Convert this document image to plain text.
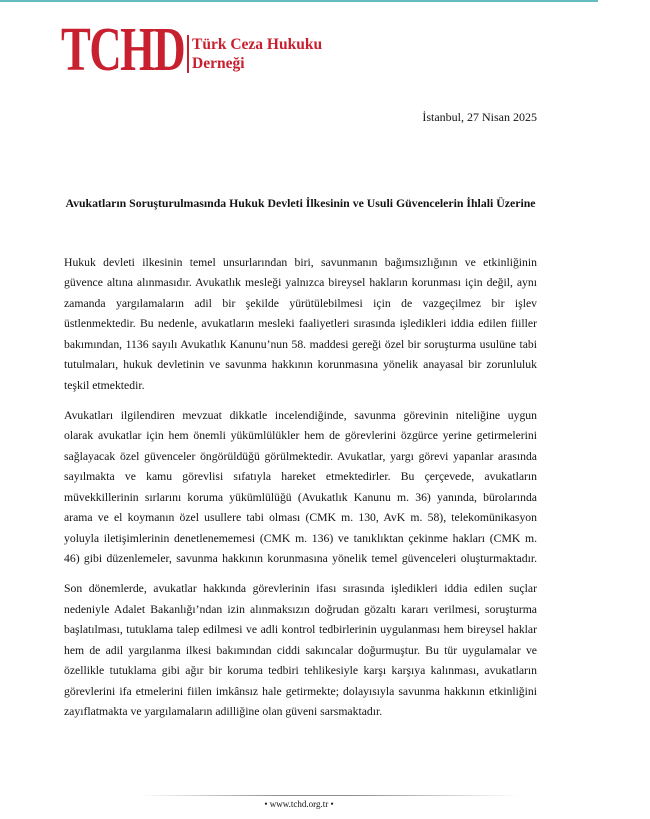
TCHD Türk Ceza Hukuku
Derneği
İstanbul, 27 Nisan 2025
Avukatların Soruşturulmasında Hukuk Devleti İlkesinin ve Usuli Güvencelerin İhlali Üzerine
Hukuk devleti ilkesinin temel unsurlarından biri, savunmanın bağımsızlığının ve etkinliğinin
güvence altına alınmasıdır. Avukatlık mesleği yalnızca bireysel hakların korunması için değil, aynı
zamanda yargılamaların adil bir şekilde yürütülebilmesi için de vazgeçilmez bir işlev
üstlenmektedir. Bu nedenle, avukatların mesleki faaliyetleri sırasında işledikleri iddia edilen fiiller
bakımından, 1136 sayılı Avukatlık Kanunu’nun 58. maddesi gereği özel bir soruşturma usulüne tabi
tutulmaları, hukuk devletinin ve savunma hakkının korunmasına yönelik anayasal bir zorunluluk
teşkil etmektedir.
Avukatları ilgilendiren mevzuat dikkatle incelendiğinde, savunma görevinin niteliğine uygun
olarak avukatlar için hem önemli yükümlülükler hem de görevlerini özgürce yerine getirmelerini
sağlayacak özel güvenceler öngörüldüğü görülmektedir. Avukatlar, yargı görevi yapanlar arasında
sayılmakta ve kamu görevlisi sıfatıyla hareket etmektedirler. Bu çerçevede, avukatların
müvekkillerinin sırlarını koruma yükümlülüğü (Avukatlık Kanunu m. 36) yanında, bürolarında
arama ve el koymanın özel usullere tabi olması (CMK m. 130, AvK m. 58), telekomünikasyon
yoluyla iletişimlerinin denetlenememesi (CMK m. 136) ve tanıklıktan çekinme hakları (CMK m.
46) gibi düzenlemeler, savunma hakkının korunmasına yönelik temel güvenceleri oluşturmaktadır.
Son dönemlerde, avukatlar hakkında görevlerinin ifası sırasında işledikleri iddia edilen suçlar
nedeniyle Adalet Bakanlığı’ndan izin alınmaksızın doğrudan gözaltı kararı verilmesi, soruşturma
başlatılması, tutuklama talep edilmesi ve adli kontrol tedbirlerinin uygulanması hem bireysel haklar
hem de adil yargılanma ilkesi bakımından ciddi sakıncalar doğurmuştur. Bu tür uygulamalar ve
özellikle tutuklama gibi ağır bir koruma tedbiri tehlikesiyle karşı karşıya kalınması, avukatların
görevlerini ifa etmelerini fiilen imkânsız hale getirmekte; dolayısıyla savunma hakkının etkinliğini
zayıflatmakta ve yargılamaların adilliğine olan güveni sarsmaktadır.
• www.tchd.org.tr •
